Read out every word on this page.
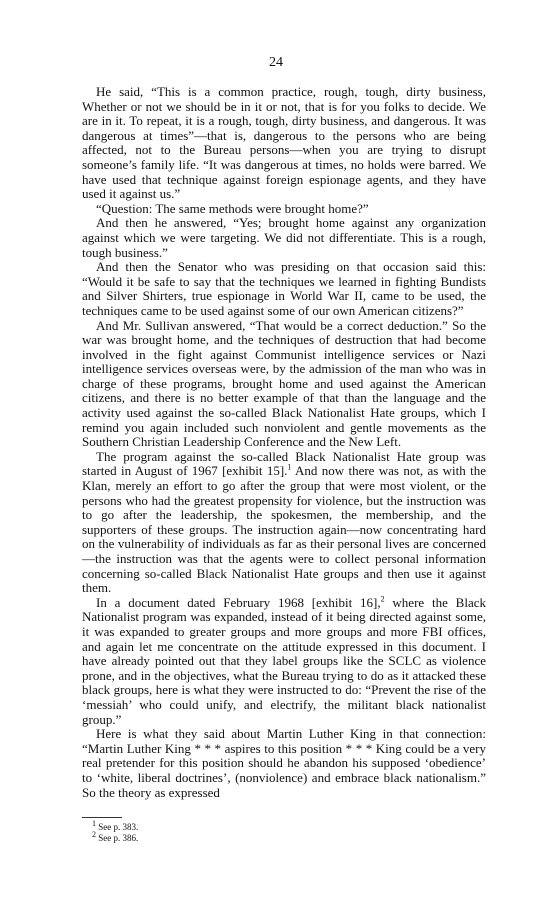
24

He said, “This is a common practice, rough, tough, dirty business, Whether or not we should be in it or not, that is for you folks to decide. We are in it. To repeat, it is a rough, tough, dirty business, and dangerous. It was dangerous at times”—that is, dangerous to the persons who are being affected, not to the Bureau persons—when you are trying to disrupt someone’s family life. “It was dangerous at times, no holds were barred. We have used that technique against foreign espionage agents, and they have used it against us.”

“Question: The same methods were brought home?”

And then he answered, “Yes; brought home against any organization against which we were targeting. We did not differentiate. This is a rough, tough business.”

And then the Senator who was presiding on that occasion said this: “Would it be safe to say that the techniques we learned in fighting Bundists and Silver Shirters, true espionage in World War II, came to be used, the techniques came to be used against some of our own American citizens?”

And Mr. Sullivan answered, “That would be a correct deduction.” So the war was brought home, and the techniques of destruction that had become involved in the fight against Communist intelligence services or Nazi intelligence services overseas were, by the admission of the man who was in charge of these programs, brought home and used against the American citizens, and there is no better example of that than the language and the activity used against the so-called Black Nationalist Hate groups, which I remind you again included such nonviolent and gentle movements as the Southern Christian Leadership Conference and the New Left.

The program against the so-called Black Nationalist Hate group was started in August of 1967 [exhibit 15].$^1$ And now there was not, as with the Klan, merely an effort to go after the group that were most violent, or the persons who had the greatest propensity for violence, but the instruction was to go after the leadership, the spokesmen, the membership, and the supporters of these groups. The instruction again—now concentrating hard on the vulnerability of individuals as far as their personal lives are concerned—the instruction was that the agents were to collect personal information concerning so-called Black Nationalist Hate groups and then use it against them.

In a document dated February 1968 [exhibit 16],$^2$ where the Black Nationalist program was expanded, instead of it being directed against some, it was expanded to greater groups and more groups and more FBI offices, and again let me concentrate on the attitude expressed in this document. I have already pointed out that they label groups like the SCLC as violence prone, and in the objectives, what the Bureau trying to do as it attacked these black groups, here is what they were instructed to do: “Prevent the rise of the ‘messiah’ who could unify, and electrify, the militant black nationalist group.”

Here is what they said about Martin Luther King in that connection: “Martin Luther King * * * aspires to this position * * * King could be a very real pretender for this position should he abandon his supposed ‘obedience’ to ‘white, liberal doctrines’, (nonviolence) and embrace black nationalism.” So the theory as expressed

$^1$ See p. 383.
$^2$ See p. 386.
